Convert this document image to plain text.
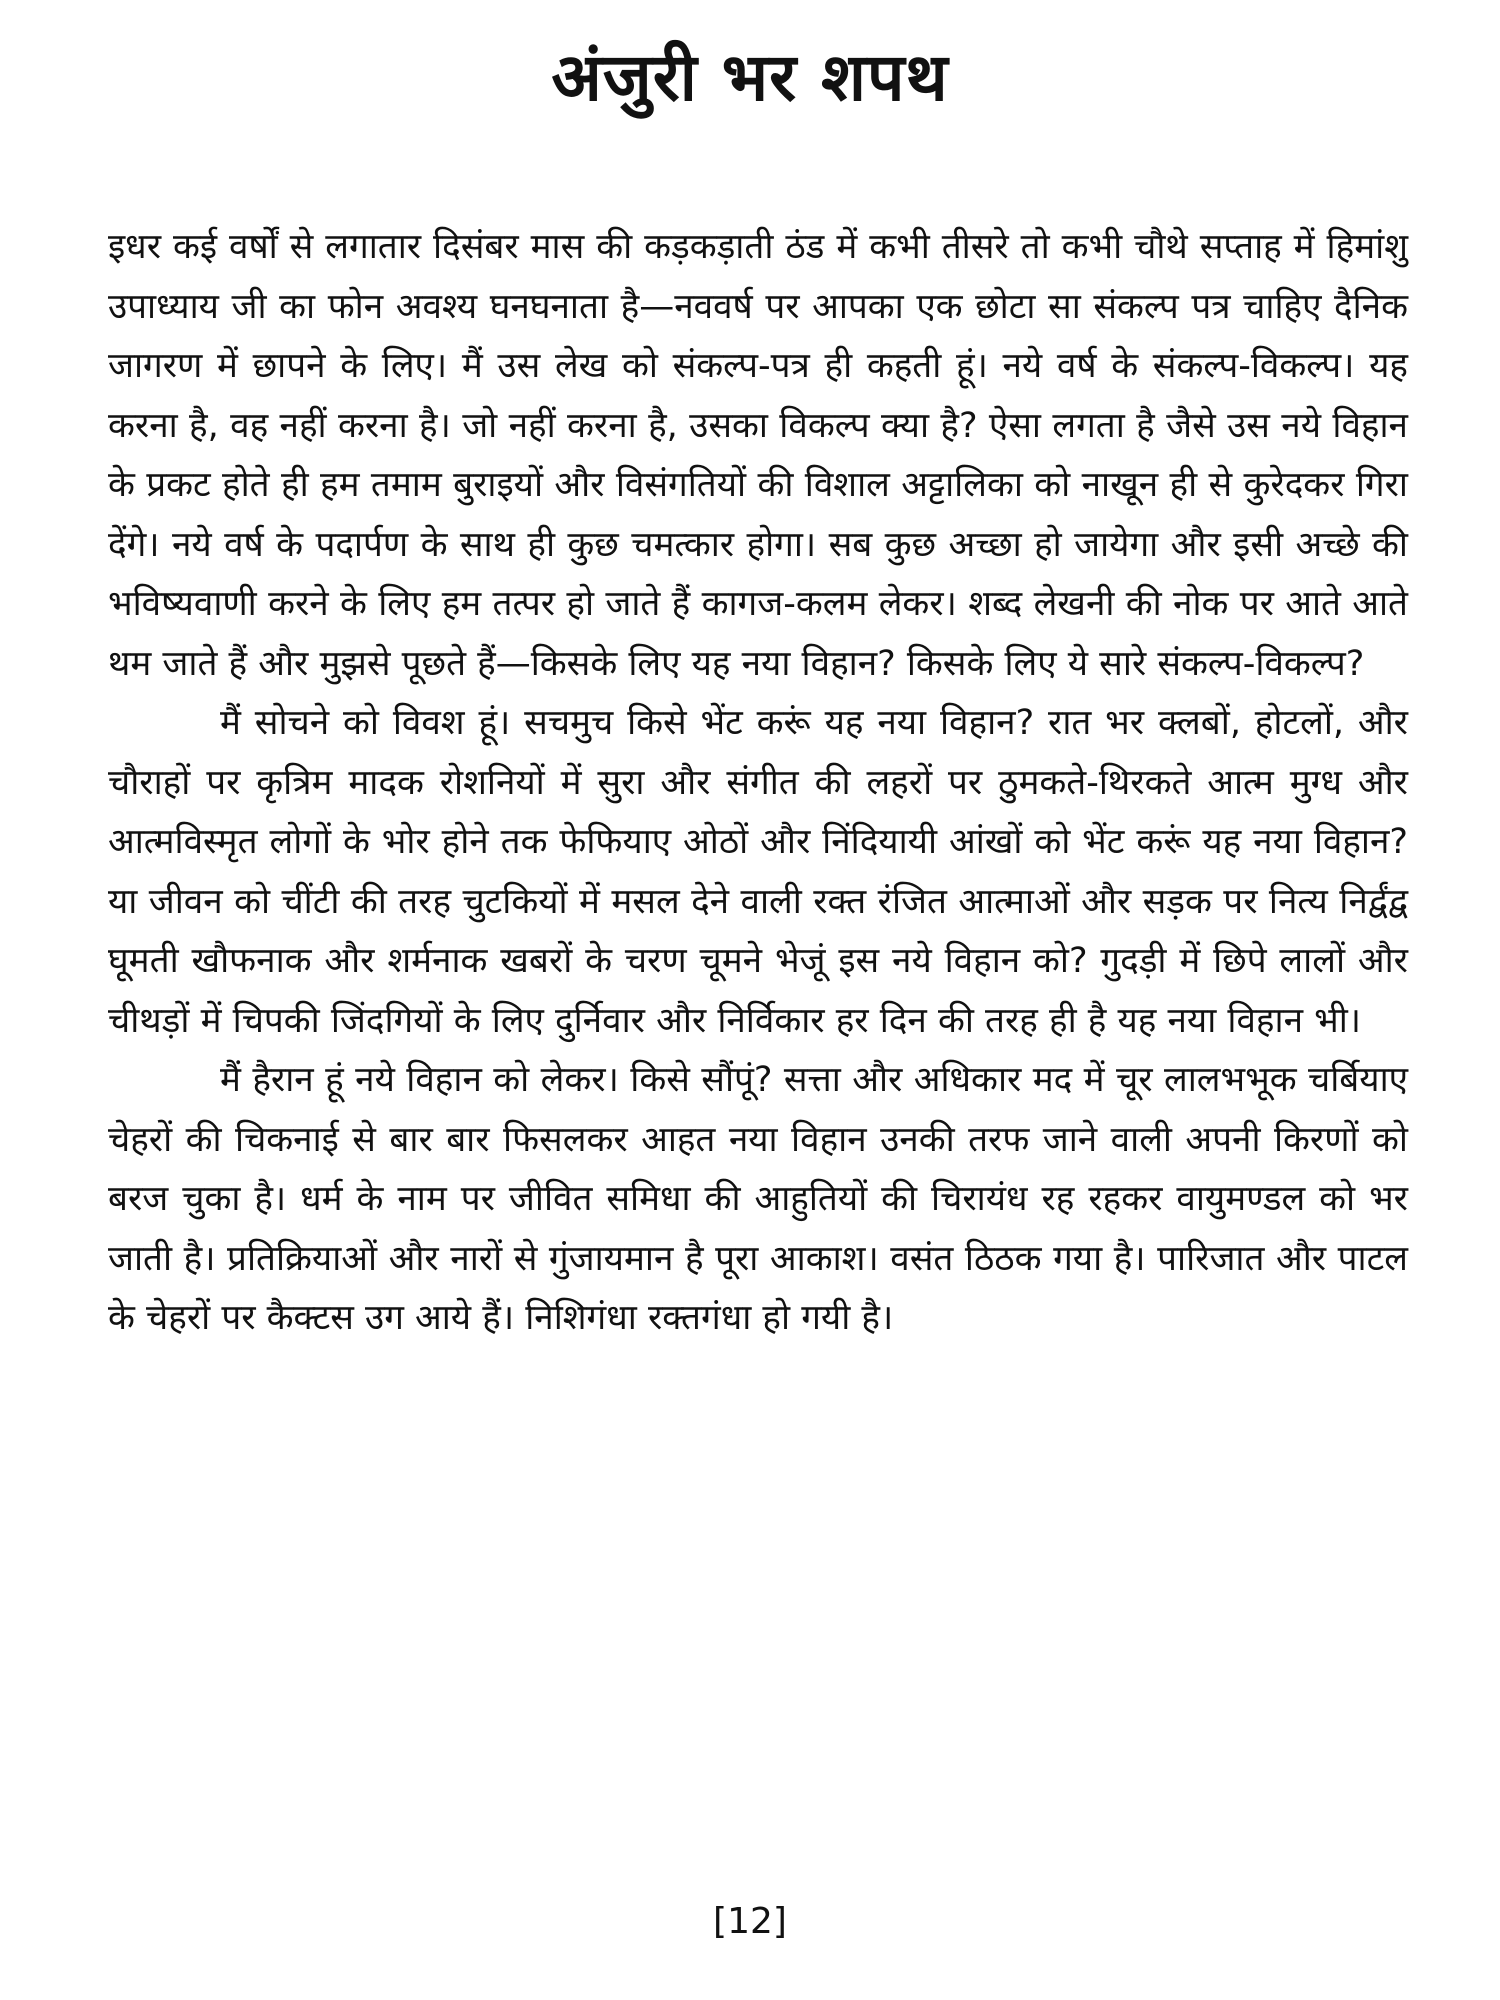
अंजुरी भर शपथ

इधर कई वर्षों से लगातार दिसंबर मास की कड़कड़ाती ठंड में कभी तीसरे तो कभी चौथे सप्ताह में हिमांशु उपाध्याय जी का फोन अवश्य घनघनाता है—नववर्ष पर आपका एक छोटा सा संकल्प पत्र चाहिए दैनिक जागरण में छापने के लिए। मैं उस लेख को संकल्प-पत्र ही कहती हूं। नये वर्ष के संकल्प-विकल्प। यह करना है, वह नहीं करना है। जो नहीं करना है, उसका विकल्प क्या है? ऐसा लगता है जैसे उस नये विहान के प्रकट होते ही हम तमाम बुराइयों और विसंगतियों की विशाल अट्टालिका को नाखून ही से कुरेदकर गिरा देंगे। नये वर्ष के पदार्पण के साथ ही कुछ चमत्कार होगा। सब कुछ अच्छा हो जायेगा और इसी अच्छे की भविष्यवाणी करने के लिए हम तत्पर हो जाते हैं कागज-कलम लेकर। शब्द लेखनी की नोक पर आते आते थम जाते हैं और मुझसे पूछते हैं—किसके लिए यह नया विहान? किसके लिए ये सारे संकल्प-विकल्प?

मैं सोचने को विवश हूं। सचमुच किसे भेंट करूं यह नया विहान? रात भर क्लबों, होटलों, और चौराहों पर कृत्रिम मादक रोशनियों में सुरा और संगीत की लहरों पर ठुमकते-थिरकते आत्म मुग्ध और आत्मविस्मृत लोगों के भोर होने तक फेफियाए ओठों और निंदियायी आंखों को भेंट करूं यह नया विहान? या जीवन को चींटी की तरह चुटकियों में मसल देने वाली रक्त रंजित आत्माओं और सड़क पर नित्य निर्द्वंद्व घूमती खौफनाक और शर्मनाक खबरों के चरण चूमने भेजूं इस नये विहान को? गुदड़ी में छिपे लालों और चीथड़ों में चिपकी जिंदगियों के लिए दुर्निवार और निर्विकार हर दिन की तरह ही है यह नया विहान भी।

मैं हैरान हूं नये विहान को लेकर। किसे सौंपूं? सत्ता और अधिकार मद में चूर लालभभूक चर्बियाए चेहरों की चिकनाई से बार बार फिसलकर आहत नया विहान उनकी तरफ जाने वाली अपनी किरणों को बरज चुका है। धर्म के नाम पर जीवित समिधा की आहुतियों की चिरायंध रह रहकर वायुमण्डल को भर जाती है। प्रतिक्रियाओं और नारों से गुंजायमान है पूरा आकाश। वसंत ठिठक गया है। पारिजात और पाटल के चेहरों पर कैक्टस उग आये हैं। निशिगंधा रक्तगंधा हो गयी है।

[12]
